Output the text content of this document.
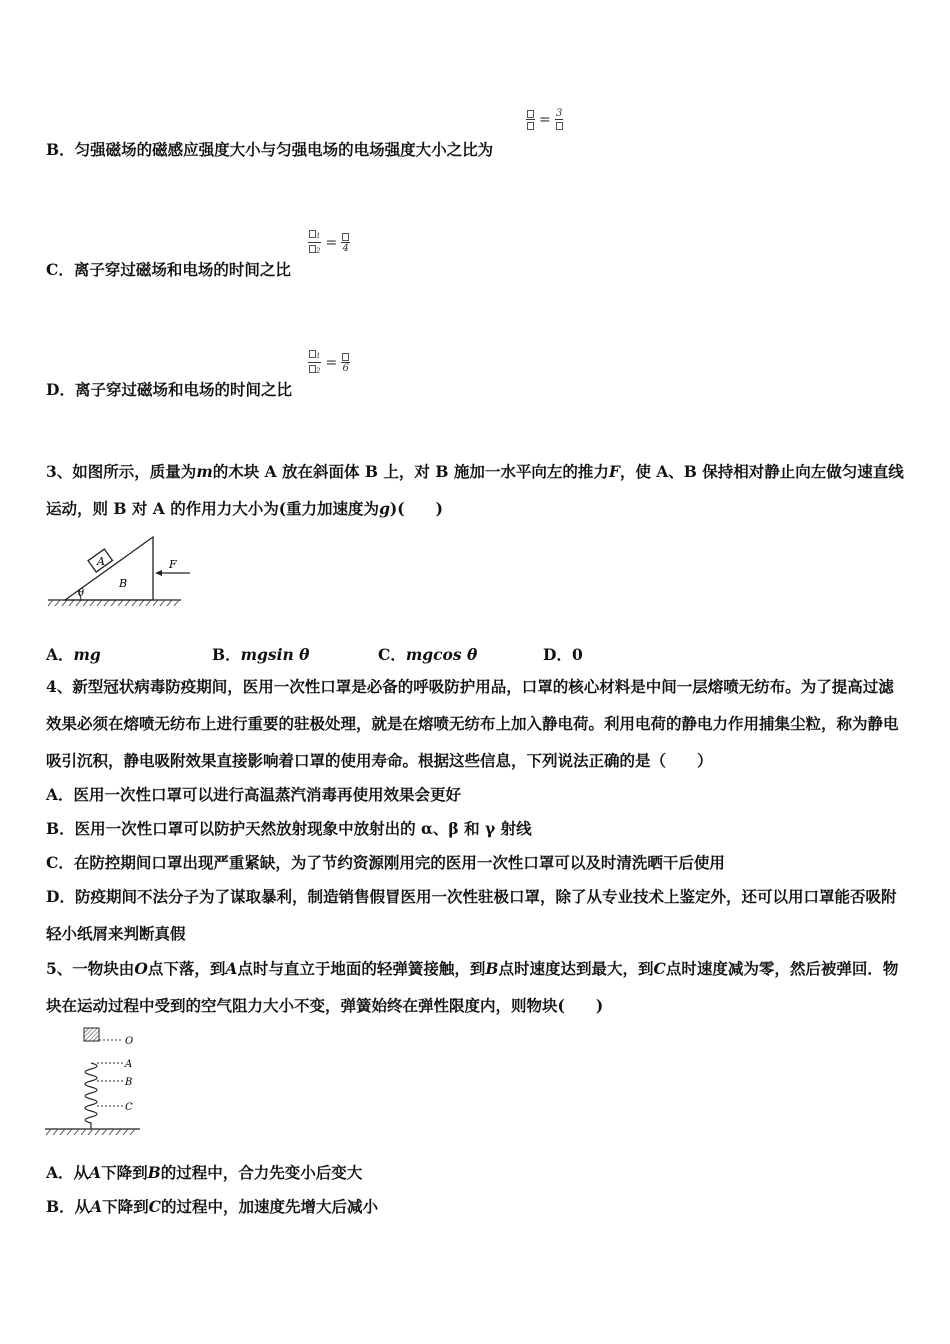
B．匀强磁场的磁感应强度大小与匀强电场的电场强度大小之比为
= 3
C．离子穿过磁场和电场的时间之比
$\frac{_1}{_2} = 4$
D．离子穿过磁场和电场的时间之比
$\frac{_1}{_2} = 6$
3、如图所示，质量为m的木块 A 放在斜面体 B 上，对 B 施加一水平向左的推力F，使 A、B 保持相对静止向左做匀速直线运动，则 B 对 A 的作用力大小为(重力加速度为g)(　　)
A
B
F
θ
A．mg	B．mgsin θ	C．mgcos θ	D．0
4、新型冠状病毒防疫期间，医用一次性口罩是必备的呼吸防护用品，口罩的核心材料是中间一层熔喷无纺布。为了提高过滤效果必须在熔喷无纺布上进行重要的驻极处理，就是在熔喷无纺布上加入静电荷。利用电荷的静电力作用捕集尘粒，称为静电吸引沉积，静电吸附效果直接影响着口罩的使用寿命。根据这些信息，下列说法正确的是（　　）
A．医用一次性口罩可以进行高温蒸汽消毒再使用效果会更好
B．医用一次性口罩可以防护天然放射现象中放射出的 α、β 和 γ 射线
C．在防控期间口罩出现严重紧缺，为了节约资源刚用完的医用一次性口罩可以及时清洗晒干后使用
D．防疫期间不法分子为了谋取暴利，制造销售假冒医用一次性驻极口罩，除了从专业技术上鉴定外，还可以用口罩能否吸附轻小纸屑来判断真假
5、一物块由O点下落，到A点时与直立于地面的轻弹簧接触，到B点时速度达到最大，到C点时速度减为零，然后被弹回．物块在运动过程中受到的空气阻力大小不变，弹簧始终在弹性限度内，则物块(　　)
O
A
B
C
A．从A下降到B的过程中，合力先变小后变大
B．从A下降到C的过程中，加速度先增大后减小
